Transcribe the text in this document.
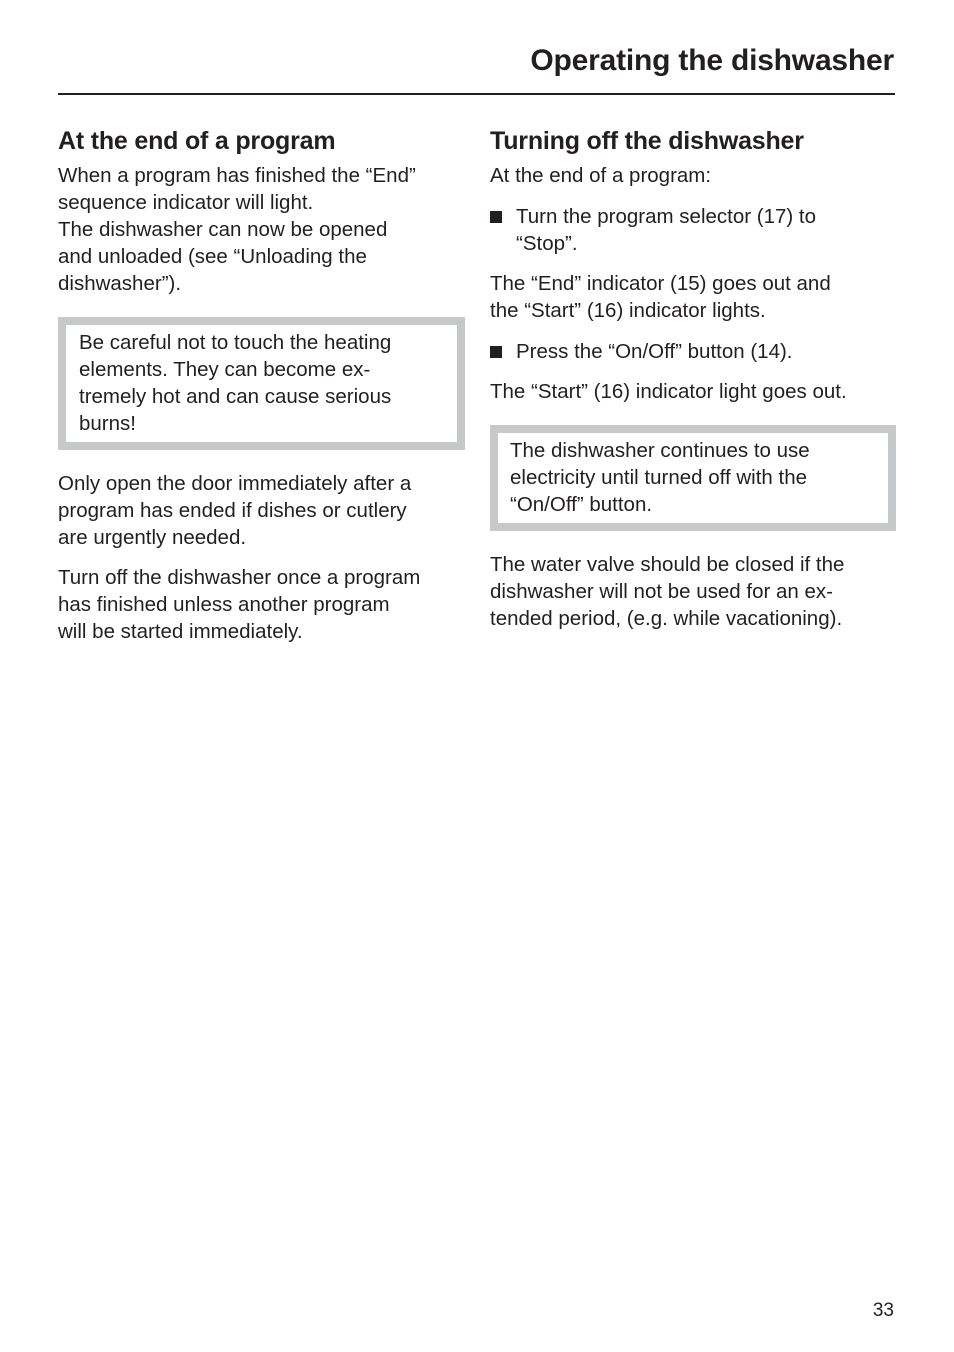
Operating the dishwasher
At the end of a program

When a program has finished the “End”
sequence indicator will light.
The dishwasher can now be opened
and unloaded (see “Unloading the
dishwasher”).

Be careful not to touch the heating
elements. They can become ex-
tremely hot and can cause serious
burns!

Only open the door immediately after a
program has ended if dishes or cutlery
are urgently needed.

Turn off the dishwasher once a program
has finished unless another program
will be started immediately.

Turning off the dishwasher

At the end of a program:

Turn the program selector (17) to
“Stop”.

The “End” indicator (15) goes out and
the “Start” (16) indicator lights.

Press the “On/Off” button (14).

The “Start” (16) indicator light goes out.

The dishwasher continues to use
electricity until turned off with the
“On/Off” button.

The water valve should be closed if the
dishwasher will not be used for an ex-
tended period, (e.g. while vacationing).

33
